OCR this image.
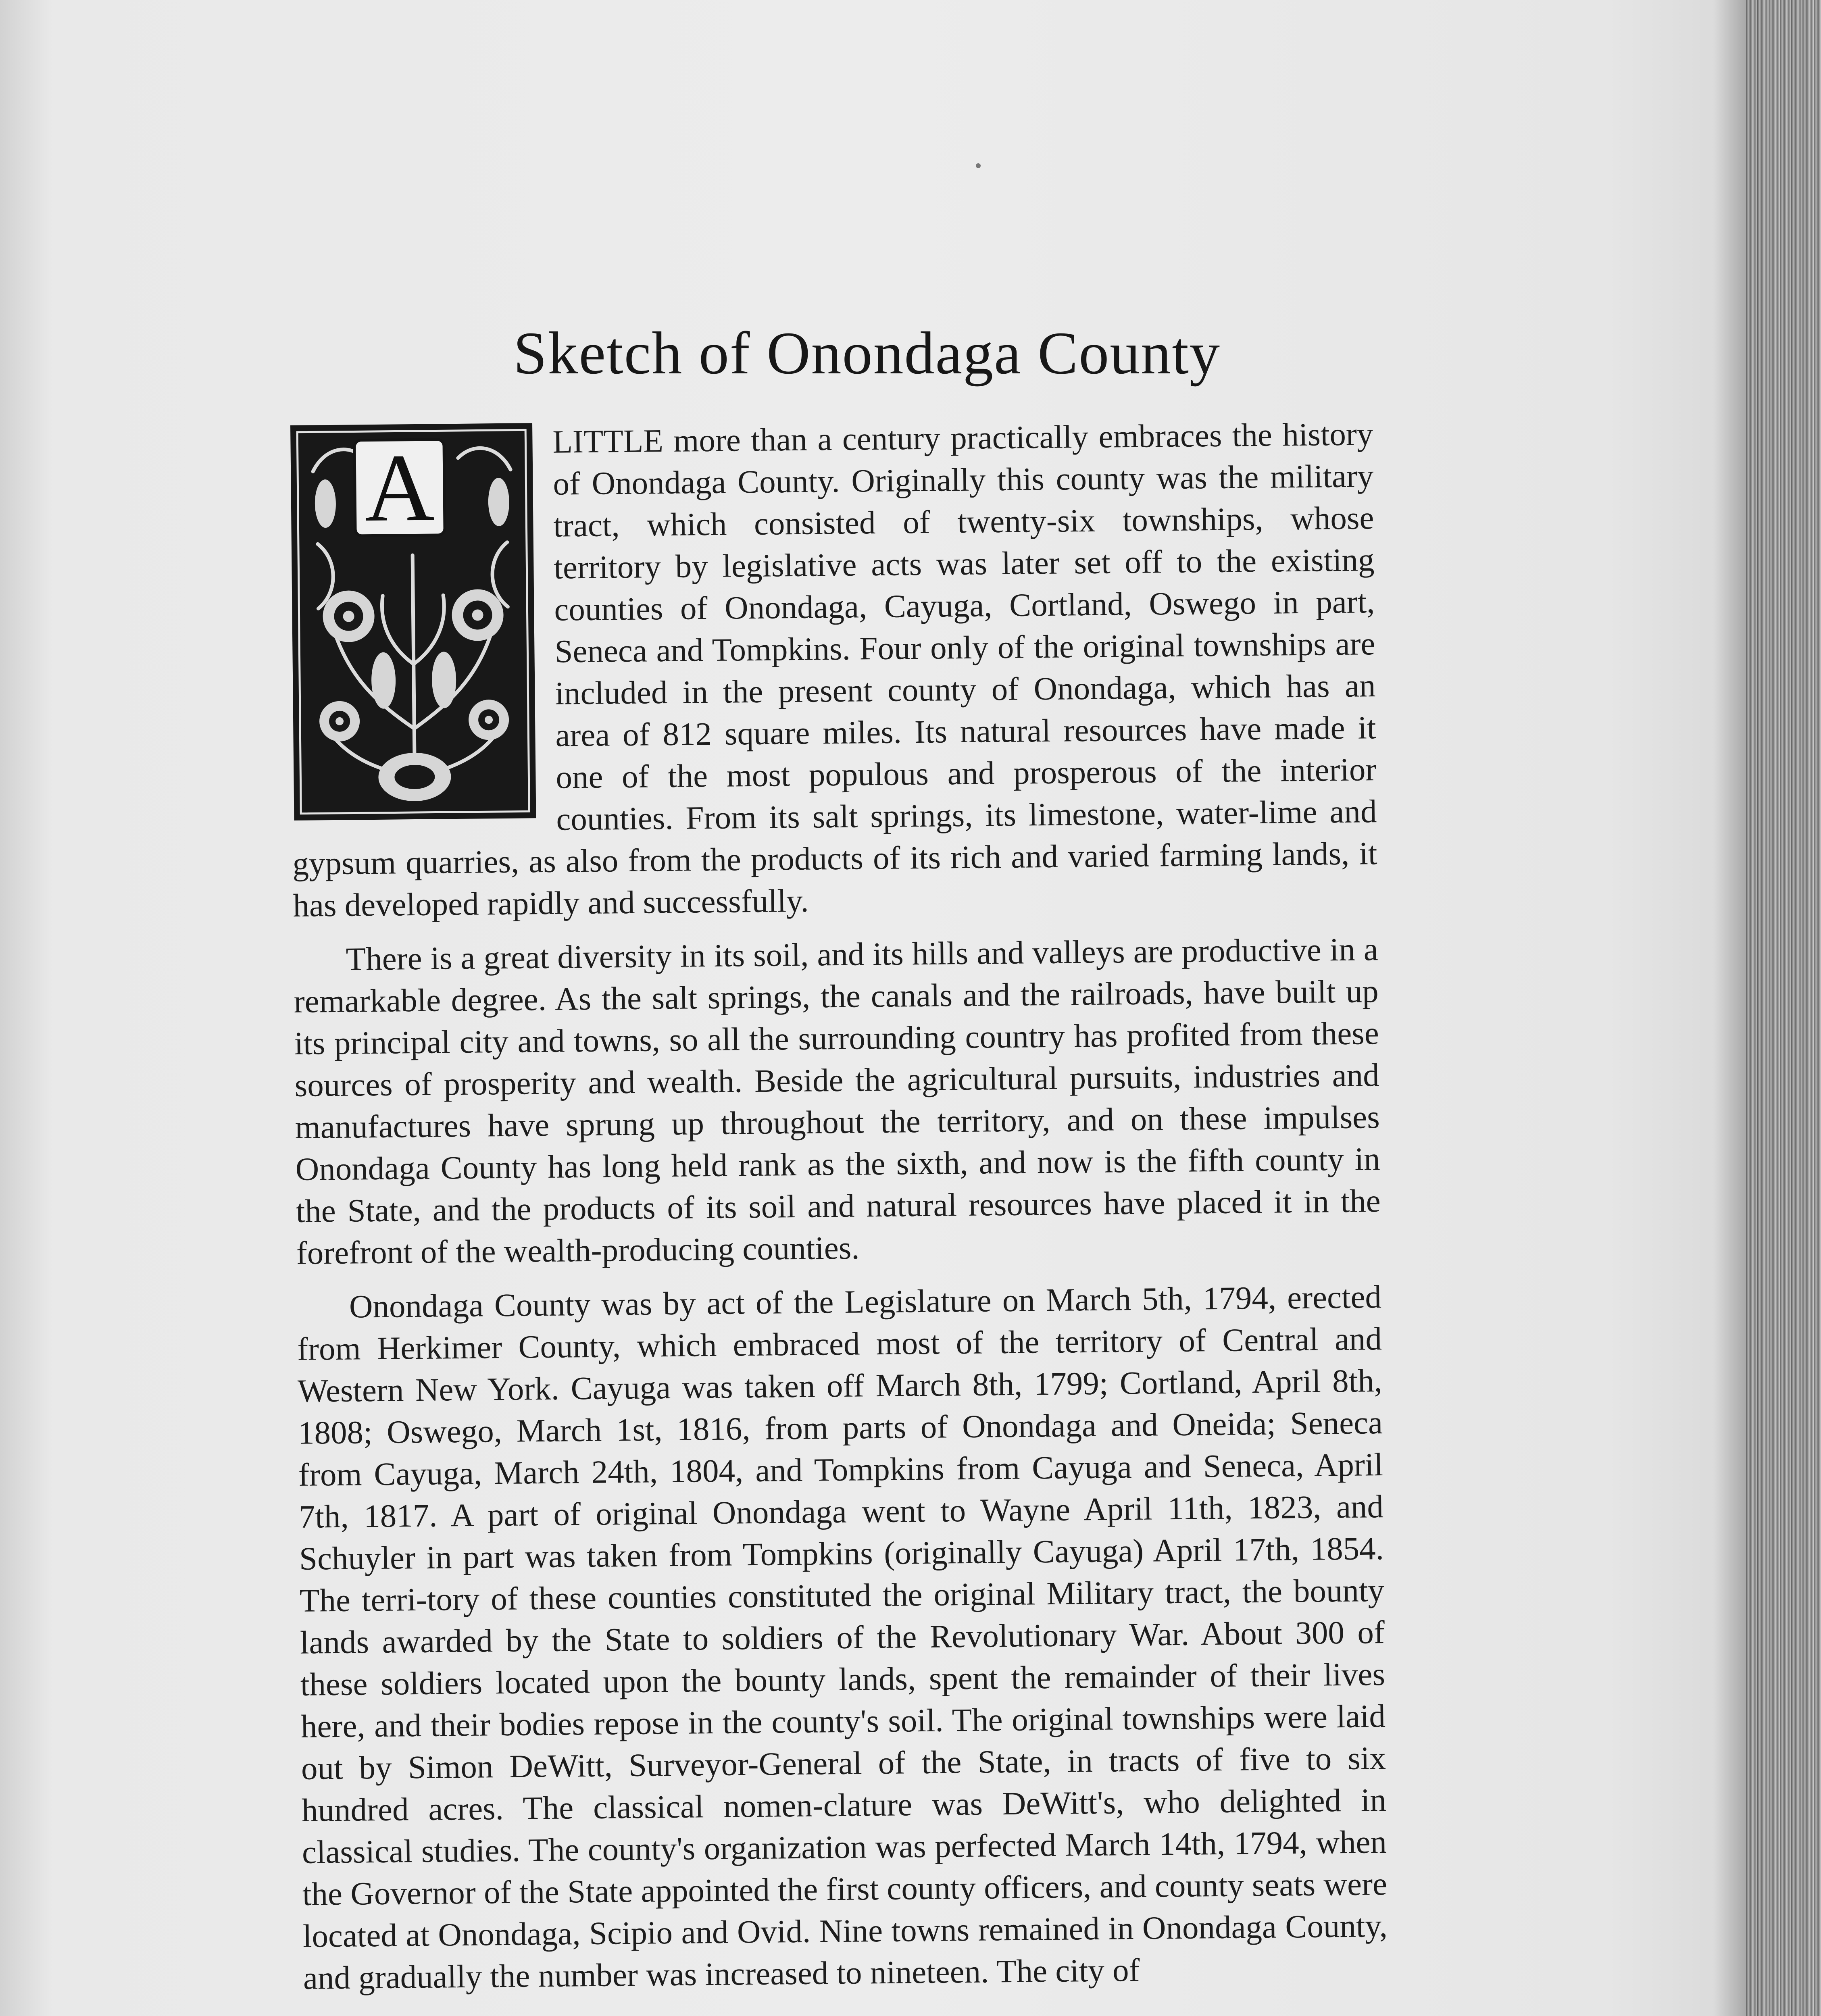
Sketch of Onondaga County
A	LITTLE more than a century practically embraces the history of Onondaga County. Originally this county was the military tract, which consisted of twenty-six townships, whose territory by legislative acts was later set off to the existing counties of Onondaga, Cayuga, Cortland, Oswego in part, Seneca and Tompkins. Four only of the original townships are included in the present county of Onondaga, which has an area of 812 square miles. Its natural resources have made it one of the most populous and prosperous of the interior counties. From its salt springs, its limestone, water-lime and gypsum quarries, as also from the products of its rich and varied farming lands, it has developed rapidly and successfully.

There is a great diversity in its soil, and its hills and valleys are productive in a remarkable degree. As the salt springs, the canals and the railroads, have built up its principal city and towns, so all the surrounding country has profited from these sources of prosperity and wealth. Beside the agricultural pursuits, industries and manufactures have sprung up throughout the territory, and on these impulses Onondaga County has long held rank as the sixth, and now is the fifth county in the State, and the products of its soil and natural resources have placed it in the forefront of the wealth-producing counties.

Onondaga County was by act of the Legislature on March 5th, 1794, erected from Herkimer County, which embraced most of the territory of Central and Western New York. Cayuga was taken off March 8th, 1799; Cortland, April 8th, 1808; Oswego, March 1st, 1816, from parts of Onondaga and Oneida; Seneca from Cayuga, March 24th, 1804, and Tompkins from Cayuga and Seneca, April 7th, 1817. A part of original Onondaga went to Wayne April 11th, 1823, and Schuyler in part was taken from Tompkins (originally Cayuga) April 17th, 1854. The terri-tory of these counties constituted the original Military tract, the bounty lands awarded by the State to soldiers of the Revolutionary War. About 300 of these soldiers located upon the bounty lands, spent the remainder of their lives here, and their bodies repose in the county's soil. The original townships were laid out by Simon DeWitt, Surveyor-General of the State, in tracts of five to six hundred acres. The classical nomen-clature was DeWitt's, who delighted in classical studies. The county's organization was perfected March 14th, 1794, when the Governor of the State appointed the first county officers, and county seats were located at Onondaga, Scipio and Ovid. Nine towns remained in Onondaga County, and gradually the number was increased to nineteen. The city of
